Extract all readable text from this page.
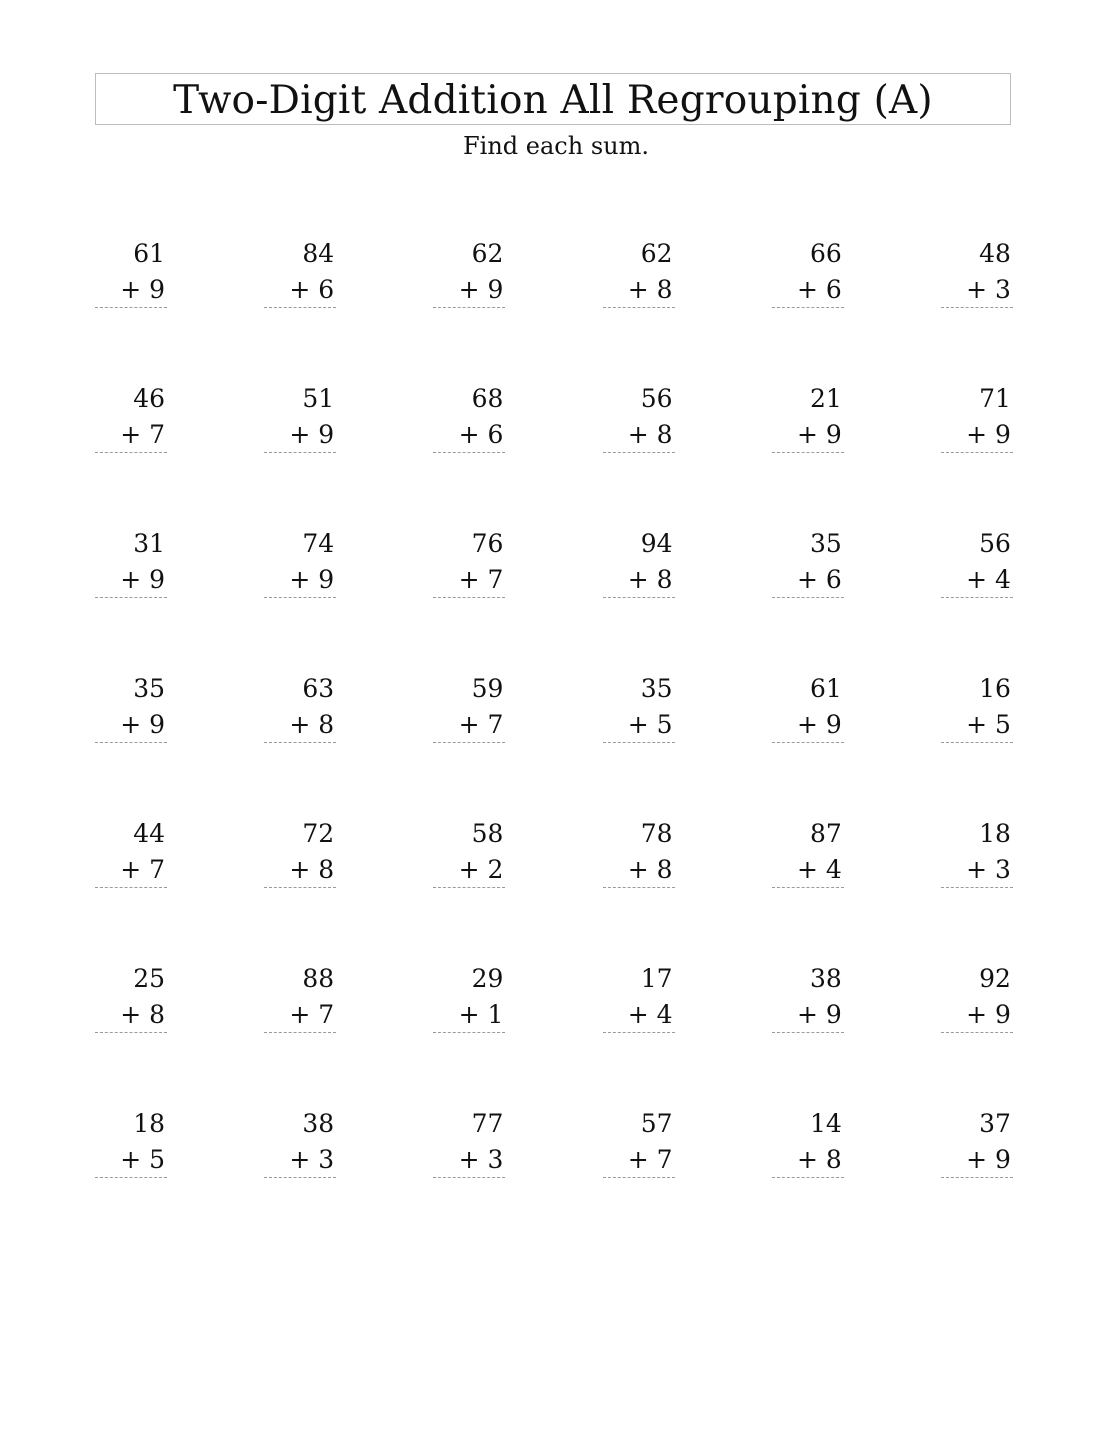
Two-Digit Addition All Regrouping (A)
Find each sum.
61
+ 9
84
+ 6
62
+ 9
62
+ 8
66
+ 6
48
+ 3
46
+ 7
51
+ 9
68
+ 6
56
+ 8
21
+ 9
71
+ 9
31
+ 9
74
+ 9
76
+ 7
94
+ 8
35
+ 6
56
+ 4
35
+ 9
63
+ 8
59
+ 7
35
+ 5
61
+ 9
16
+ 5
44
+ 7
72
+ 8
58
+ 2
78
+ 8
87
+ 4
18
+ 3
25
+ 8
88
+ 7
29
+ 1
17
+ 4
38
+ 9
92
+ 9
18
+ 5
38
+ 3
77
+ 3
57
+ 7
14
+ 8
37
+ 9
